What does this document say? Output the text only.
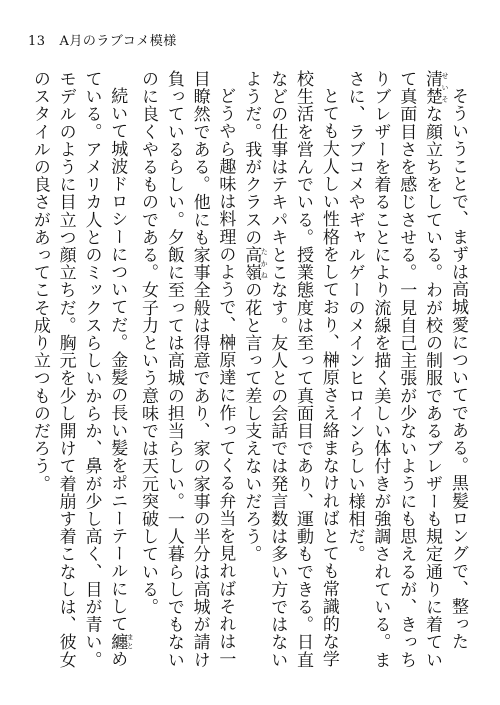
13 A月のラブコメ模様

そういうことで、まずは高城愛についてである。黒髪ロングで、整った清楚 せいそな顔立ちをしている。わが校の制服であるブレザーも規定通りに着ていて真面目さを感じさせる。一見自己主張が少ないようにも思えるが、きっちりブレザーを着ることにより流線を描く美しい体付きが強調されている。まさに、ラブコメやギャルゲーのメインヒロインらしい様相だ。

とても大人しい性格をしており、榊原さえ絡まなければとても常識的な学校生活を営んでいる。授業態度は至って真面目であり、運動もできる。日直などの仕事はテキパキとこなす。友人との会話では発言数は多い方ではないようだ。我がクラスの高嶺 たかねの花と言って差し支えないだろう。

どうやら趣味は料理のようで、榊原達に作ってくる弁当を見ればそれは一目瞭然である。他にも家事全般は得意であり、家の家事の半分は高城が請け負っているらしい。夕飯に至っては高城の担当らしい。一人暮らしでもないのに良くやるものである。女子力という意味では天元突破している。

続いて城波ドロシーについてだ。金髪の長い髪をポニーテールにして纏 まとめている。アメリカ人とのミックスらしいからか、鼻が少し高く、目が青い。モデルのように目立つ顔立ちだ。胸元を少し開けて着崩す着こなしは、彼女のスタイルの良さがあってこそ成り立つものだろう。
